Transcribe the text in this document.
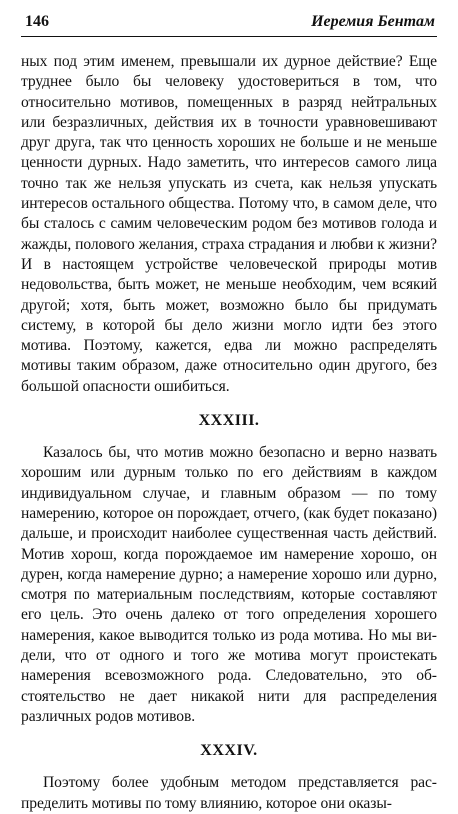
146	Иеремия Бентам

ных под этим именем, превышали их дурное действие? Еще труднее было бы человеку удостовериться в том, что относительно мотивов, помещенных в разряд нейтральных или безразличных, действия их в точности уравновешивают друг друга, так что ценность хороших не больше и не меньше ценности дурных. Надо заметить, что интересов самого лица точно так же нельзя упускать из счета, как нельзя упускать интересов остального общества. Потому что, в самом деле, что бы сталось с самим человеческим родом без мотивов голода и жажды, полового желания, страха страдания и любви к жизни? И в настоящем устройстве человеческой природы мотив недовольства, быть может, не меньше необходим, чем всякий другой; хотя, быть может, возможно было бы придумать систему, в которой бы дело жизни могло идти без этого мотива. Поэтому, кажется, едва ли можно распределять мотивы таким образом, даже относительно один другого, без большой опасности ошибиться.

XXXIII.

Казалось бы, что мотив можно безопасно и верно назвать хорошим или дурным только по его действиям в каждом индивидуальном случае, и главным образом — по тому намерению, которое он порождает, отчего, (как будет показано) дальше, и происходит наиболее существенная часть действий. Мотив хорош, когда порождаемое им намерение хорошо, он дурен, когда намерение дурно; а намерение хорошо или дурно, смотря по материальным последствиям, которые составляют его цель. Это очень далеко от того определения хорошего намерения, какое выводится только из рода мотива. Но мы видели, что от одного и того же мотива могут проистекать намерения всевозможного рода. Следовательно, это обстоятельство не дает никакой нити для распределения различных родов мотивов.

XXXIV.

Поэтому более удобным методом представляется распределить мотивы по тому влиянию, которое они оказы-
